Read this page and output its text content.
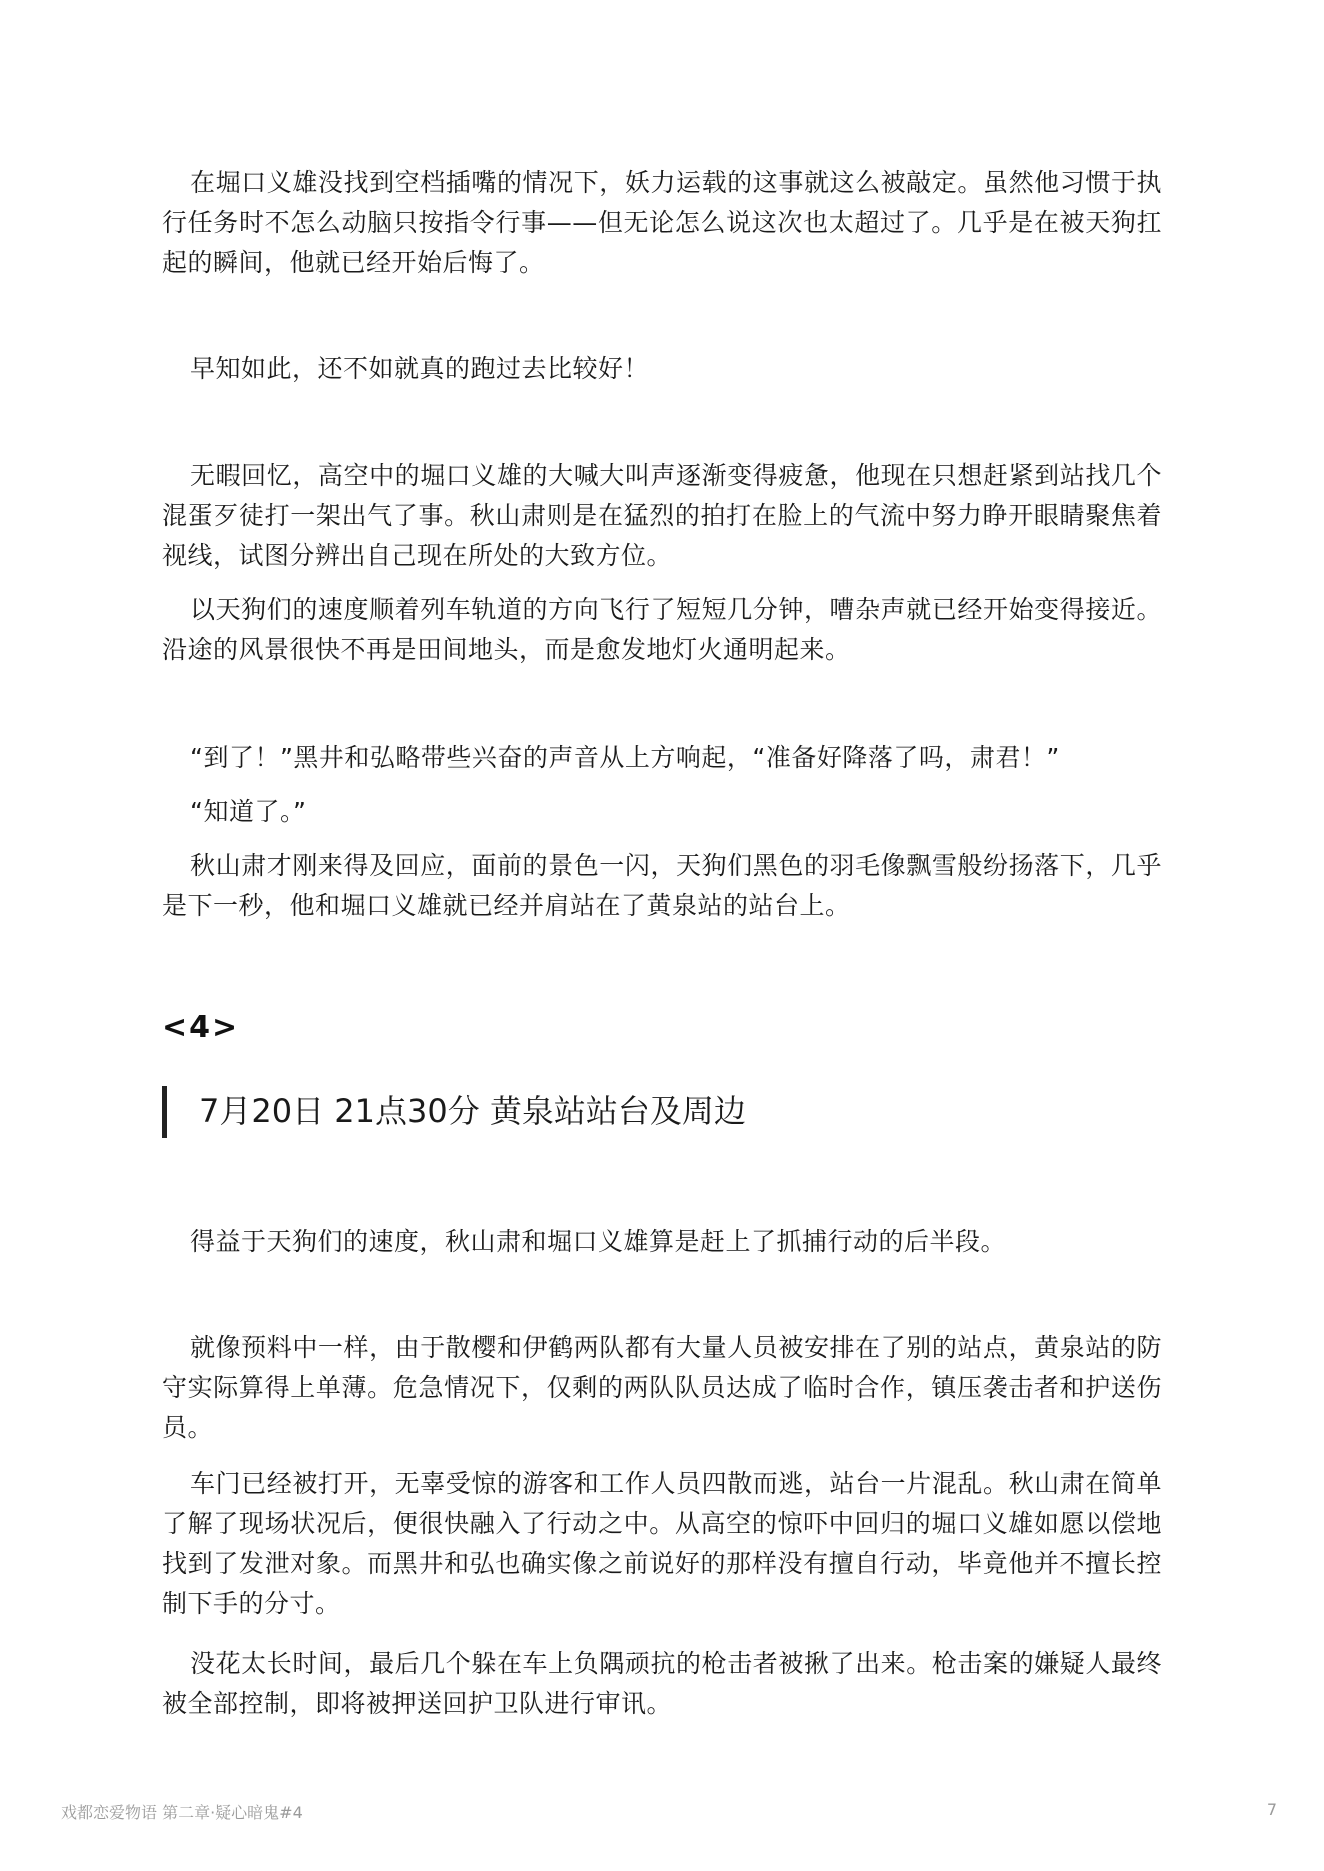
在堀口义雄没找到空档插嘴的情况下，妖力运载的这事就这么被敲定。虽然他习惯于执行任务时不怎么动脑只按指令行事——但无论怎么说这次也太超过了。几乎是在被天狗扛起的瞬间，他就已经开始后悔了。

早知如此，还不如就真的跑过去比较好！

无暇回忆，高空中的堀口义雄的大喊大叫声逐渐变得疲惫，他现在只想赶紧到站找几个混蛋歹徒打一架出气了事。秋山肃则是在猛烈的拍打在脸上的气流中努力睁开眼睛聚焦着视线，试图分辨出自己现在所处的大致方位。

以天狗们的速度顺着列车轨道的方向飞行了短短几分钟，嘈杂声就已经开始变得接近。沿途的风景很快不再是田间地头，而是愈发地灯火通明起来。

“到了！”黑井和弘略带些兴奋的声音从上方响起，“准备好降落了吗，肃君！”

“知道了。”

秋山肃才刚来得及回应，面前的景色一闪，天狗们黑色的羽毛像飘雪般纷扬落下，几乎是下一秒，他和堀口义雄就已经并肩站在了黄泉站的站台上。

<4>
7月20日 21点30分 黄泉站站台及周边

得益于天狗们的速度，秋山肃和堀口义雄算是赶上了抓捕行动的后半段。

就像预料中一样，由于散樱和伊鹤两队都有大量人员被安排在了别的站点，黄泉站的防守实际算得上单薄。危急情况下，仅剩的两队队员达成了临时合作，镇压袭击者和护送伤员。

车门已经被打开，无辜受惊的游客和工作人员四散而逃，站台一片混乱。秋山肃在简单了解了现场状况后，便很快融入了行动之中。从高空的惊吓中回归的堀口义雄如愿以偿地找到了发泄对象。而黑井和弘也确实像之前说好的那样没有擅自行动，毕竟他并不擅长控制下手的分寸。

没花太长时间，最后几个躲在车上负隅顽抗的枪击者被揪了出来。枪击案的嫌疑人最终被全部控制，即将被押送回护卫队进行审讯。

戏都恋爱物语 第二章·疑心暗鬼#4	7
